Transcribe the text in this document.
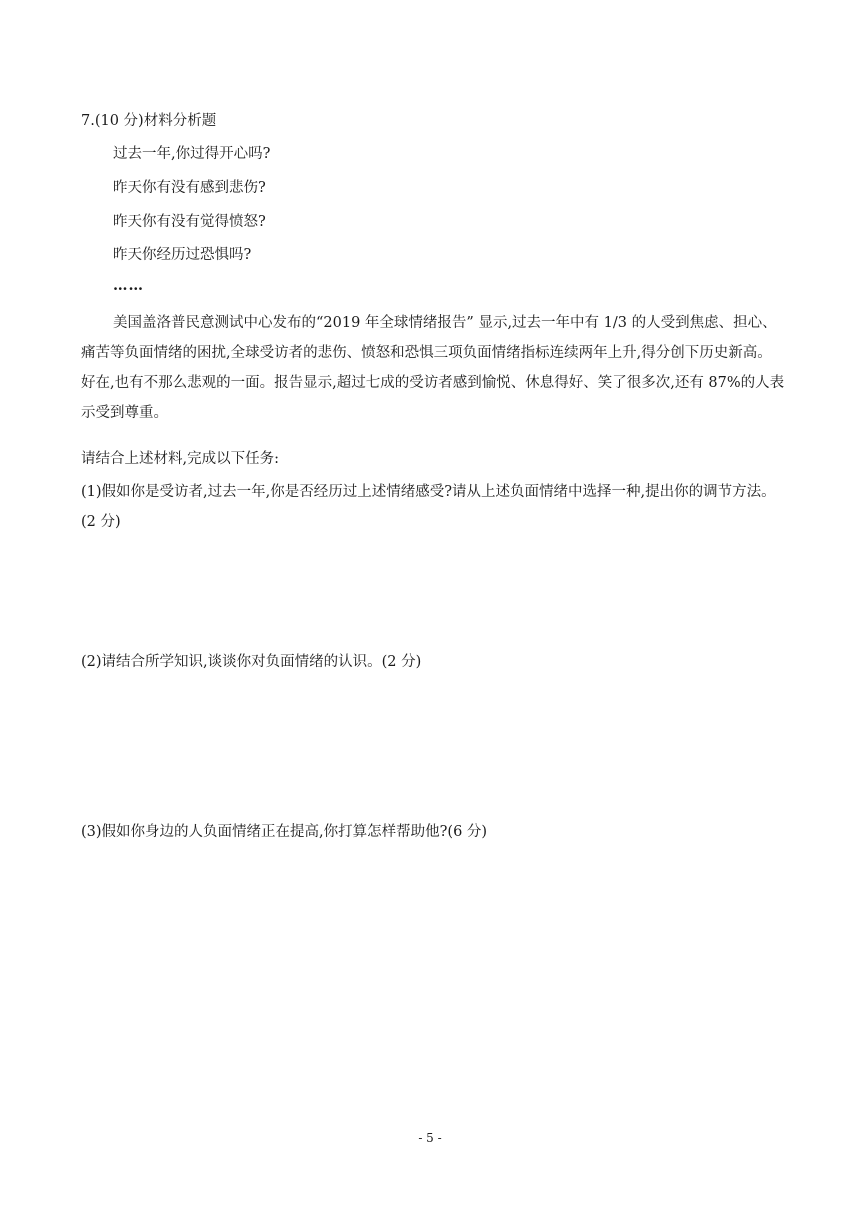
7.(10 分)材料分析题
过去一年,你过得开心吗?
昨天你有没有感到悲伤?
昨天你有没有觉得愤怒?
昨天你经历过恐惧吗?
……
美国盖洛普民意测试中心发布的“2019 年全球情绪报告” 显示,过去一年中有 1/3 的人受到焦虑、担心、痛苦等负面情绪的困扰,全球受访者的悲伤、愤怒和恐惧三项负面情绪指标连续两年上升,得分创下历史新高。好在,也有不那么悲观的一面。报告显示,超过七成的受访者感到愉悦、休息得好、笑了很多次,还有 87%的人表示受到尊重。
请结合上述材料,完成以下任务:
(1)假如你是受访者,过去一年,你是否经历过上述情绪感受?请从上述负面情绪中选择一种,提出你的调节方法。(2 分)
(2)请结合所学知识,谈谈你对负面情绪的认识。(2 分)
(3)假如你身边的人负面情绪正在提高,你打算怎样帮助他?(6 分)
- 5 -
